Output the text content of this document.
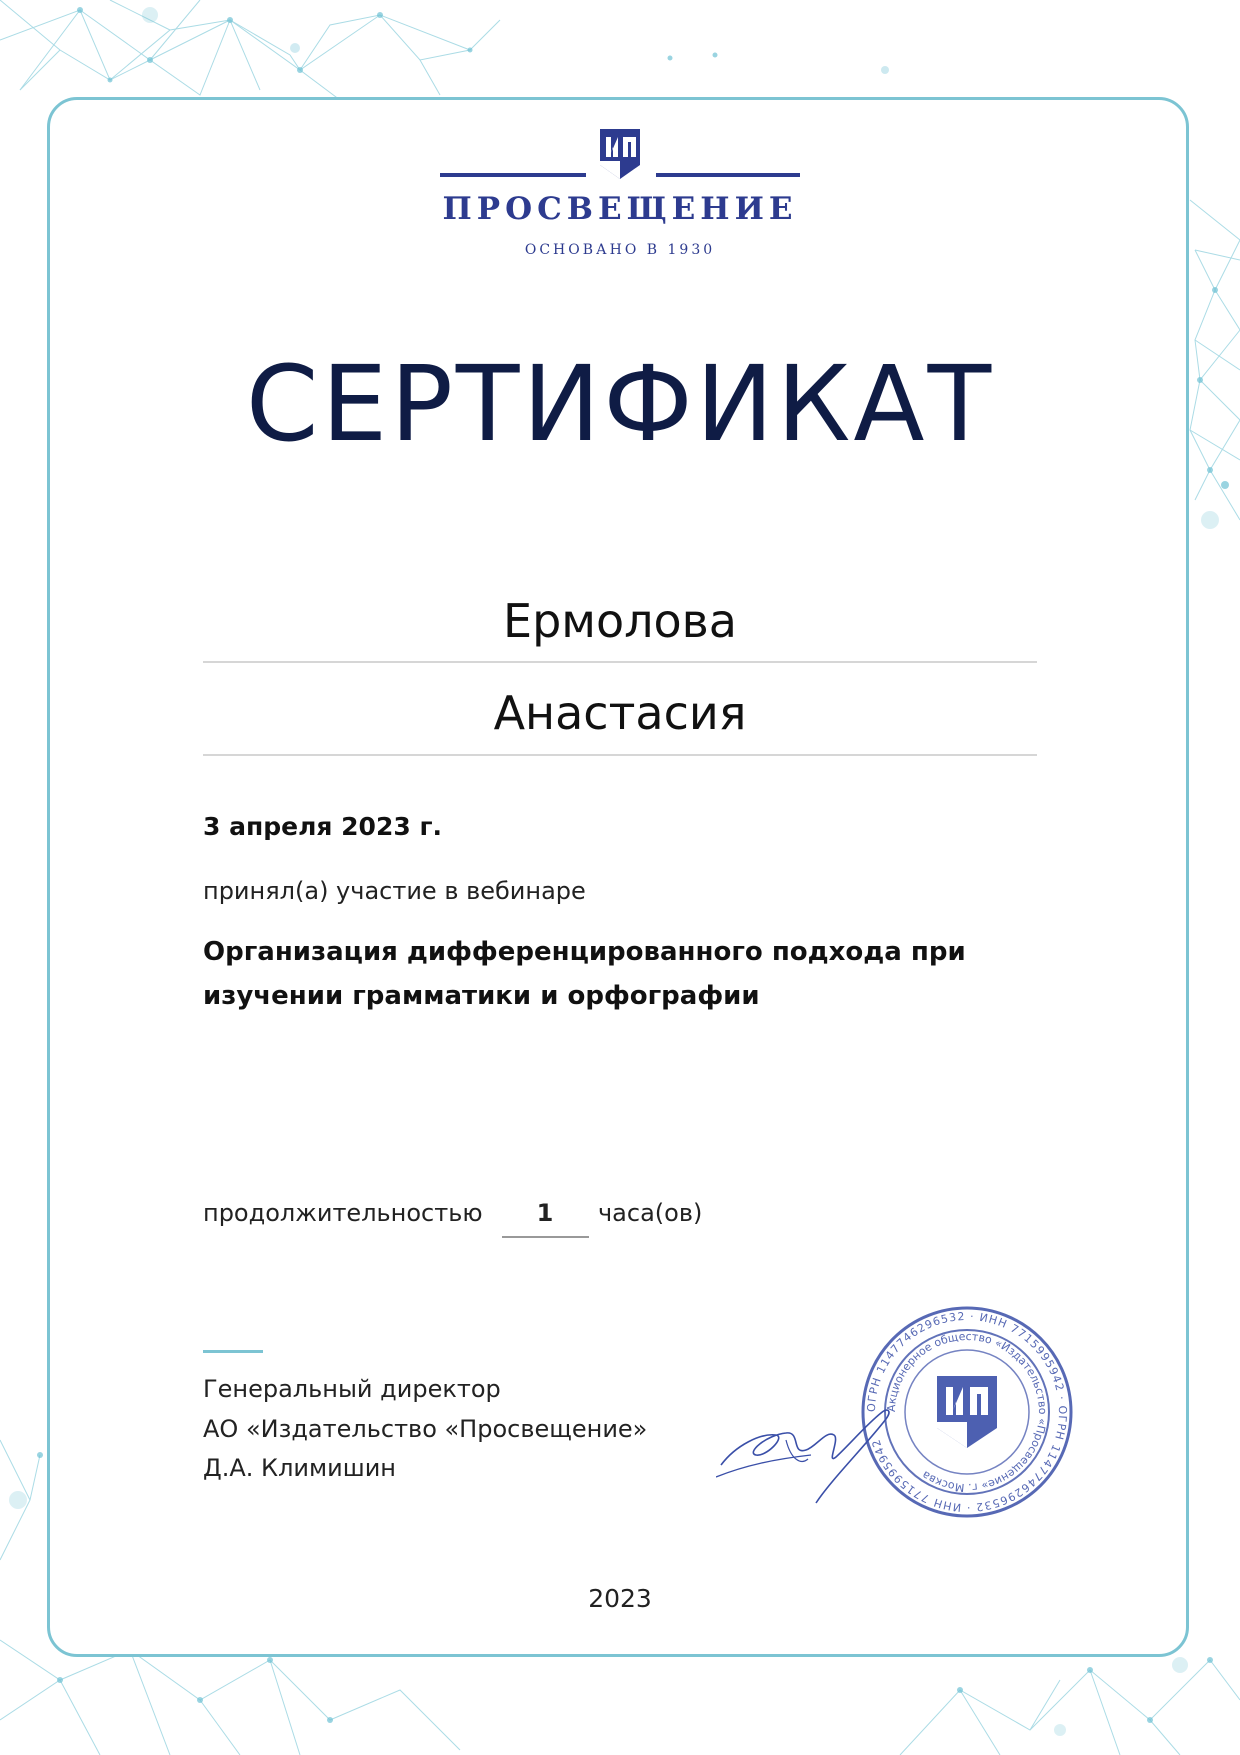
ПРОСВЕЩЕНИЕ
ОСНОВАНО В 1930
СЕРТИФИКАТ
Ермолова
Анастасия
3 апреля 2023 г.
принял(а) участие в вебинаре
Организация дифференцированного подхода при изучении грамматики и орфографии
продолжительностью	1	часа(ов)
Генеральный директор
АО «Издательство «Просвещение»
Д.А. Климишин
ОГРН 1147746296532 · ИНН 7715995942 · ОГРН 1147746296532 · ИНН 7715995942
Акционерное общество «Издательство «Просвещение» г. Москва
2023
